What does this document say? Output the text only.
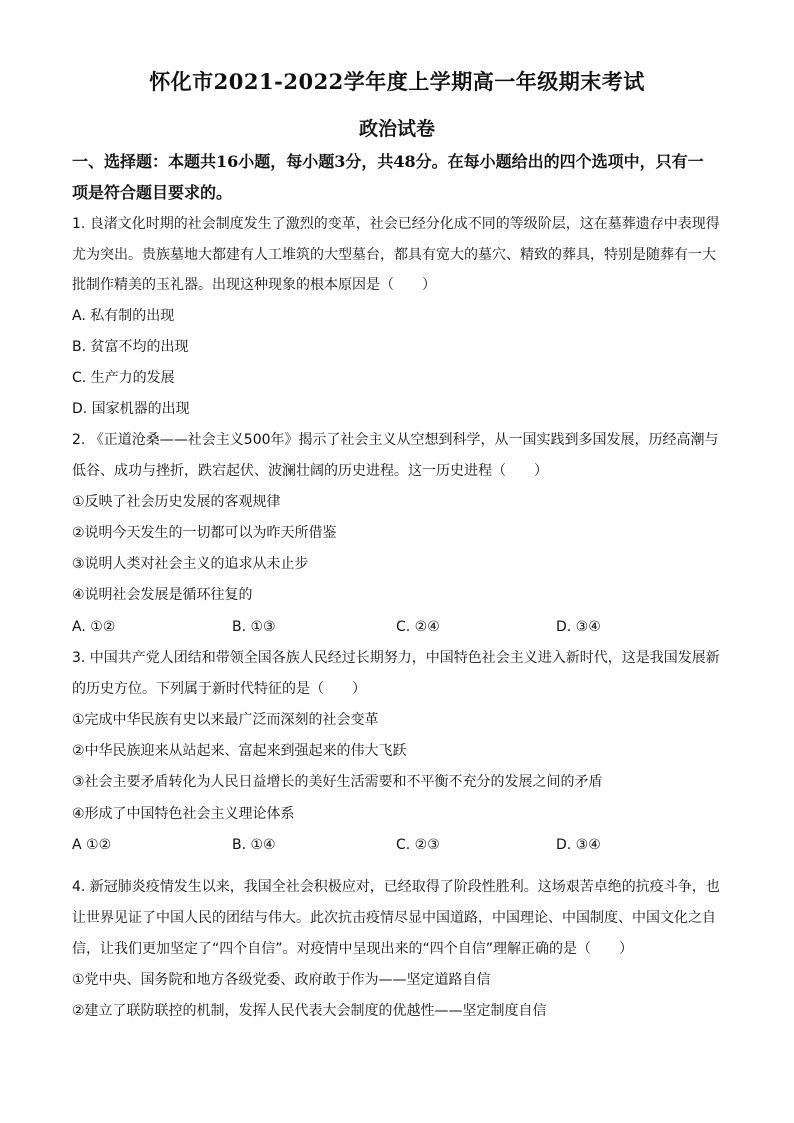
怀化市2021-2022学年度上学期高一年级期末考试
政治试卷
一、选择题：本题共16小题，每小题3分，共48分。在每小题给出的四个选项中，只有一
项是符合题目要求的。
1. 良渚文化时期的社会制度发生了激烈的变革，社会已经分化成不同的等级阶层，这在墓葬遗存中表现得
尤为突出。贵族墓地大都建有人工堆筑的大型墓台，都具有宽大的墓穴、精致的葬具，特别是随葬有一大
批制作精美的玉礼器。出现这种现象的根本原因是（　　）
A. 私有制的出现
B. 贫富不均的出现
C. 生产力的发展
D. 国家机器的出现
2. 《正道沧桑——社会主义500年》揭示了社会主义从空想到科学，从一国实践到多国发展，历经高潮与
低谷、成功与挫折，跌宕起伏、波澜壮阔的历史进程。这一历史进程（　　）
①反映了社会历史发展的客观规律
②说明今天发生的一切都可以为昨天所借鉴
③说明人类对社会主义的追求从未止步
④说明社会发展是循环往复的
A. ①②	B. ①③	C. ②④	D. ③④
3. 中国共产党人团结和带领全国各族人民经过长期努力，中国特色社会主义进入新时代，这是我国发展新
的历史方位。下列属于新时代特征的是（　　）
①完成中华民族有史以来最广泛而深刻的社会变革
②中华民族迎来从站起来、富起来到强起来的伟大飞跃
③社会主要矛盾转化为人民日益增长的美好生活需要和不平衡不充分的发展之间的矛盾
④形成了中国特色社会主义理论体系
A ①②	B. ①④	C. ②③	D. ③④
4. 新冠肺炎疫情发生以来，我国全社会积极应对，已经取得了阶段性胜利。这场艰苦卓绝的抗疫斗争，也
让世界见证了中国人民的团结与伟大。此次抗击疫情尽显中国道路，中国理论、中国制度、中国文化之自
信，让我们更加坚定了“四个自信”。对疫情中呈现出来的“四个自信”理解正确的是（　　）
①党中央、国务院和地方各级党委、政府敢于作为——坚定道路自信
②建立了联防联控的机制，发挥人民代表大会制度的优越性——坚定制度自信
